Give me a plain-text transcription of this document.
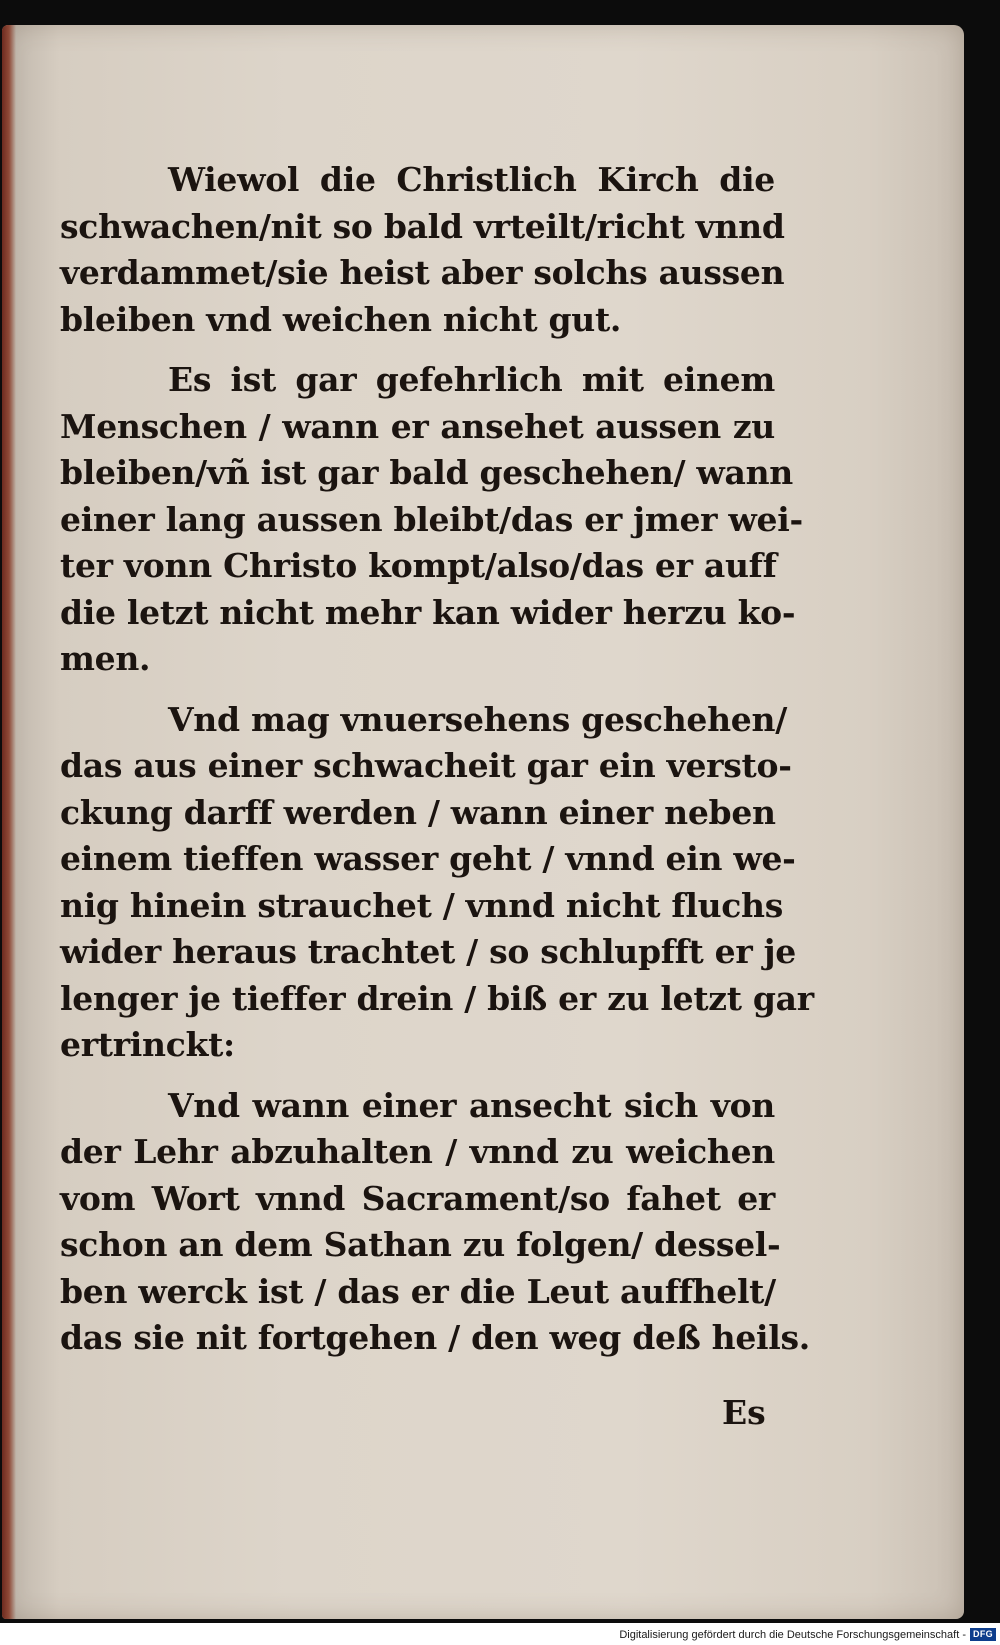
Wiewol die Christlich Kirch die
schwachen/nit so bald vrteilt/richt vnnd
verdammet/sie heist aber solchs aussen
bleiben vnd weichen nicht gut.
Es ist gar gefehrlich mit einem
Menschen / wann er ansehet aussen zu
bleiben/vñ ist gar bald geschehen/ wann
einer lang aussen bleibt/das er jmer wei-
ter vonn Christo kompt/also/das er auff
die letzt nicht mehr kan wider herzu ko-
men.
Vnd mag vnuersehens geschehen/
das aus einer schwacheit gar ein versto-
ckung darff werden / wann einer neben
einem tieffen wasser geht / vnnd ein we-
nig hinein strauchet / vnnd nicht fluchs
wider heraus trachtet / so schlupfft er je
lenger je tieffer drein / biß er zu letzt gar
ertrinckt:
Vnd wann einer ansecht sich von
der Lehr abzuhalten / vnnd zu weichen
vom Wort vnnd Sacrament/so fahet er
schon an dem Sathan zu folgen/ dessel-
ben werck ist / das er die Leut auffhelt/
das sie nit fortgehen / den weg deß heils.
Es
Digitalisierung gefördert durch die Deutsche Forschungsgemeinschaft - DFG
